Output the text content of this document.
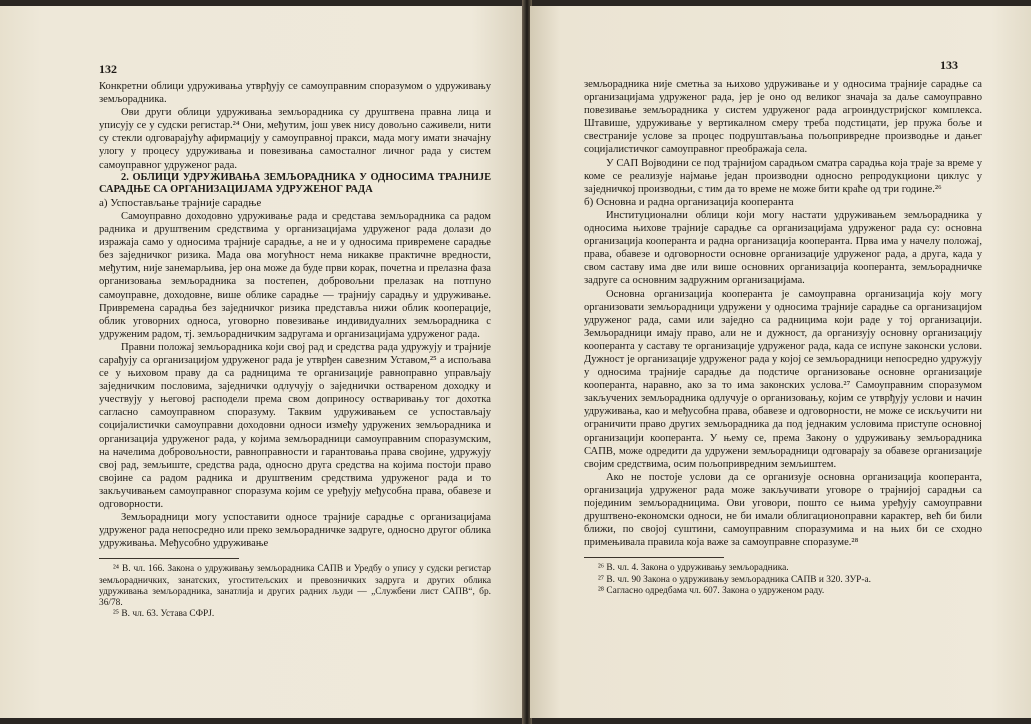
132

Конкретни облици удруживања утврђују се самоуправним споразумом о удруживању земљорадника.

Ови други облици удруживања земљорадника су друштвена правна лица и уписују се у судски регистар.²⁴ Они, међутим, још увек нису довољно саживели, нити су стекли одговарајућу афирмацију у самоуправној пракси, мада могу имати значајну улогу у процесу удруживања и повезивања самосталног личног рада у систем самоуправног удруженог рада.

2. ОБЛИЦИ УДРУЖИВАЊА ЗЕМЉОРАДНИКА У ОДНОСИМА ТРАЈНИЈЕ САРАДЊЕ СА ОРГАНИЗАЦИЈАМА УДРУЖЕНОГ РАДА

а) Успостављање трајније сарадње

Самоуправно доходовно удруживање рада и средстава земљорадника са радом радника и друштвеним средствима у организацијама удруженог рада долази до изражаја само у односима трајније сарадње, а не и у односима привремене сарадње без заједничког ризика. Мада ова могућност нема никакве практичне вредности, међутим, није занемарљива, јер она може да буде први корак, почетна и прелазна фаза организовања земљорадника за постепен, добровољни прелазак на потпуно самоуправне, доходовне, више облике сарадње — трајнију сарадњу и удруживање. Привремена сарадња без заједничког ризика представља нижи облик кооперације, облик уговорних односа, уговорно повезивање индивидуалних земљорадника с удруженим радом, тј. земљорадничким задругама и организацијама удруженог рада.

Правни положај земљорадника који свој рад и средства рада удружују и трајније сарађују са организацијом удруженог рада је утврђен савезним Уставом,²⁵ а испољава се у њиховом праву да са радницима те организације равноправно управљају заједничким пословима, заједнички одлучују о заједнички оствареном доходку и учествују у његовој расподели према свом доприносу остваривању тог дохотка сагласно самоуправном споразуму. Таквим удруживањем се успостављају социјалистички самоуправни доходовни односи између удружених земљорадника и организација удруженог рада, у којима земљорадници самоуправним споразумским, на начелима добровољности, равноправности и гарантовања права својине, удружују свој рад, земљиште, средства рада, односно друга средства на којима постоји право својине са радом радника и друштвеним средствима удруженог рада и то закључивањем самоуправног споразума којим се уређују међусобна права, обавезе и одговорности.

Земљорадници могу успоставити односе трајније сарадње с организацијама удруженог рада непосредно или преко земљорадничке задруге, односно другог облика удруживања. Међусобно удруживање

²⁴ В. чл. 166. Закона о удруживању земљорадника САПВ и Уредбу о упису у судски регистар земљорадничких, занатских, угоститељских и превозничких задруга и других облика удруживања земљорадника, занатлија и других радних људи — „Службени лист САПВ“, бр. 36/78.

²⁵ В. чл. 63. Устава СФРЈ.

133

земљорадника није сметња за њихово удруживање и у односима трајније сарадње са организацијама удруженог рада, јер је оно од великог значаја за даље самоуправно повезивање земљорадника у систем удруженог рада агроиндустријског комплекса. Штавише, удруживање у вертикалном смеру треба подстицати, јер пружа боље и свестраније услове за процес подруштављања пољопривредне производње и дањег социјалистичког самоуправног преображаја села.

У САП Војводини се под трајнијом сарадњом сматра сарадња која траје за време у коме се реализује најмање један производни односно репродукциони циклус у заједничкој производњи, с тим да то време не може бити краће од три године.²⁶

б) Основна и радна организација кооперанта

Институционални облици који могу настати удруживањем земљорадника у односима њихове трајније сарадње са организацијама удруженог рада су: основна организација кооперанта и радна организација кооперанта. Прва има у начелу положај, права, обавезе и одговорности основне организације удруженог рада, а друга, када у свом саставу има две или више основних организација кооперанта, земљорадничке задруге са основним задружним организацијама.

Основна организација кооперанта је самоуправна организација коју могу организовати земљорадници удружени у односима трајније сарадње са организацијом удруженог рада, сами или заједно са радницима који раде у тој организацији. Земљорадници имају право, али не и дужност, да организују основну организацију кооперанта у саставу те организације удруженог рада, када се испуне законски услови. Дужност је организације удруженог рада у којој се земљорадници непосредно удружују у односима трајније сарадње да подстиче организовање основне организације кооперанта, наравно, ако за то има законских услова.²⁷ Самоуправним споразумом закључених земљорадника одлучује о организовању, којим се утврђују услови и начин удруживања, као и међусобна права, обавезе и одговорности, не може се искључити ни ограничити право других земљорадника да под једнаким условима приступе основној организацији кооперанта. У њему се, према Закону о удруживању земљорадника САПВ, може одредити да удружени земљорадници одговарају за обавезе организације својим средствима, осим пољопривредним земљиштем.

Ако не постоје услови да се организује основна организација кооперанта, организација удруженог рада може закључивати уговоре о трајнијој сарадњи са појединим земљорадницима. Ови уговори, пошто се њима уређују самоуправни друштвено-економски односи, не би имали облигационоправни карактер, већ би били ближи, по својој суштини, самоуправним споразумима и на њих би се сходно примењивала правила која важе за самоуправне споразуме.²⁸

²⁶ В. чл. 4. Закона о удруживању земљорадника.

²⁷ В. чл. 90 Закона о удруживању земљорадника САПВ и 320. ЗУР-а.

²⁸ Сагласно одредбама чл. 607. Закона о удруженом раду.
